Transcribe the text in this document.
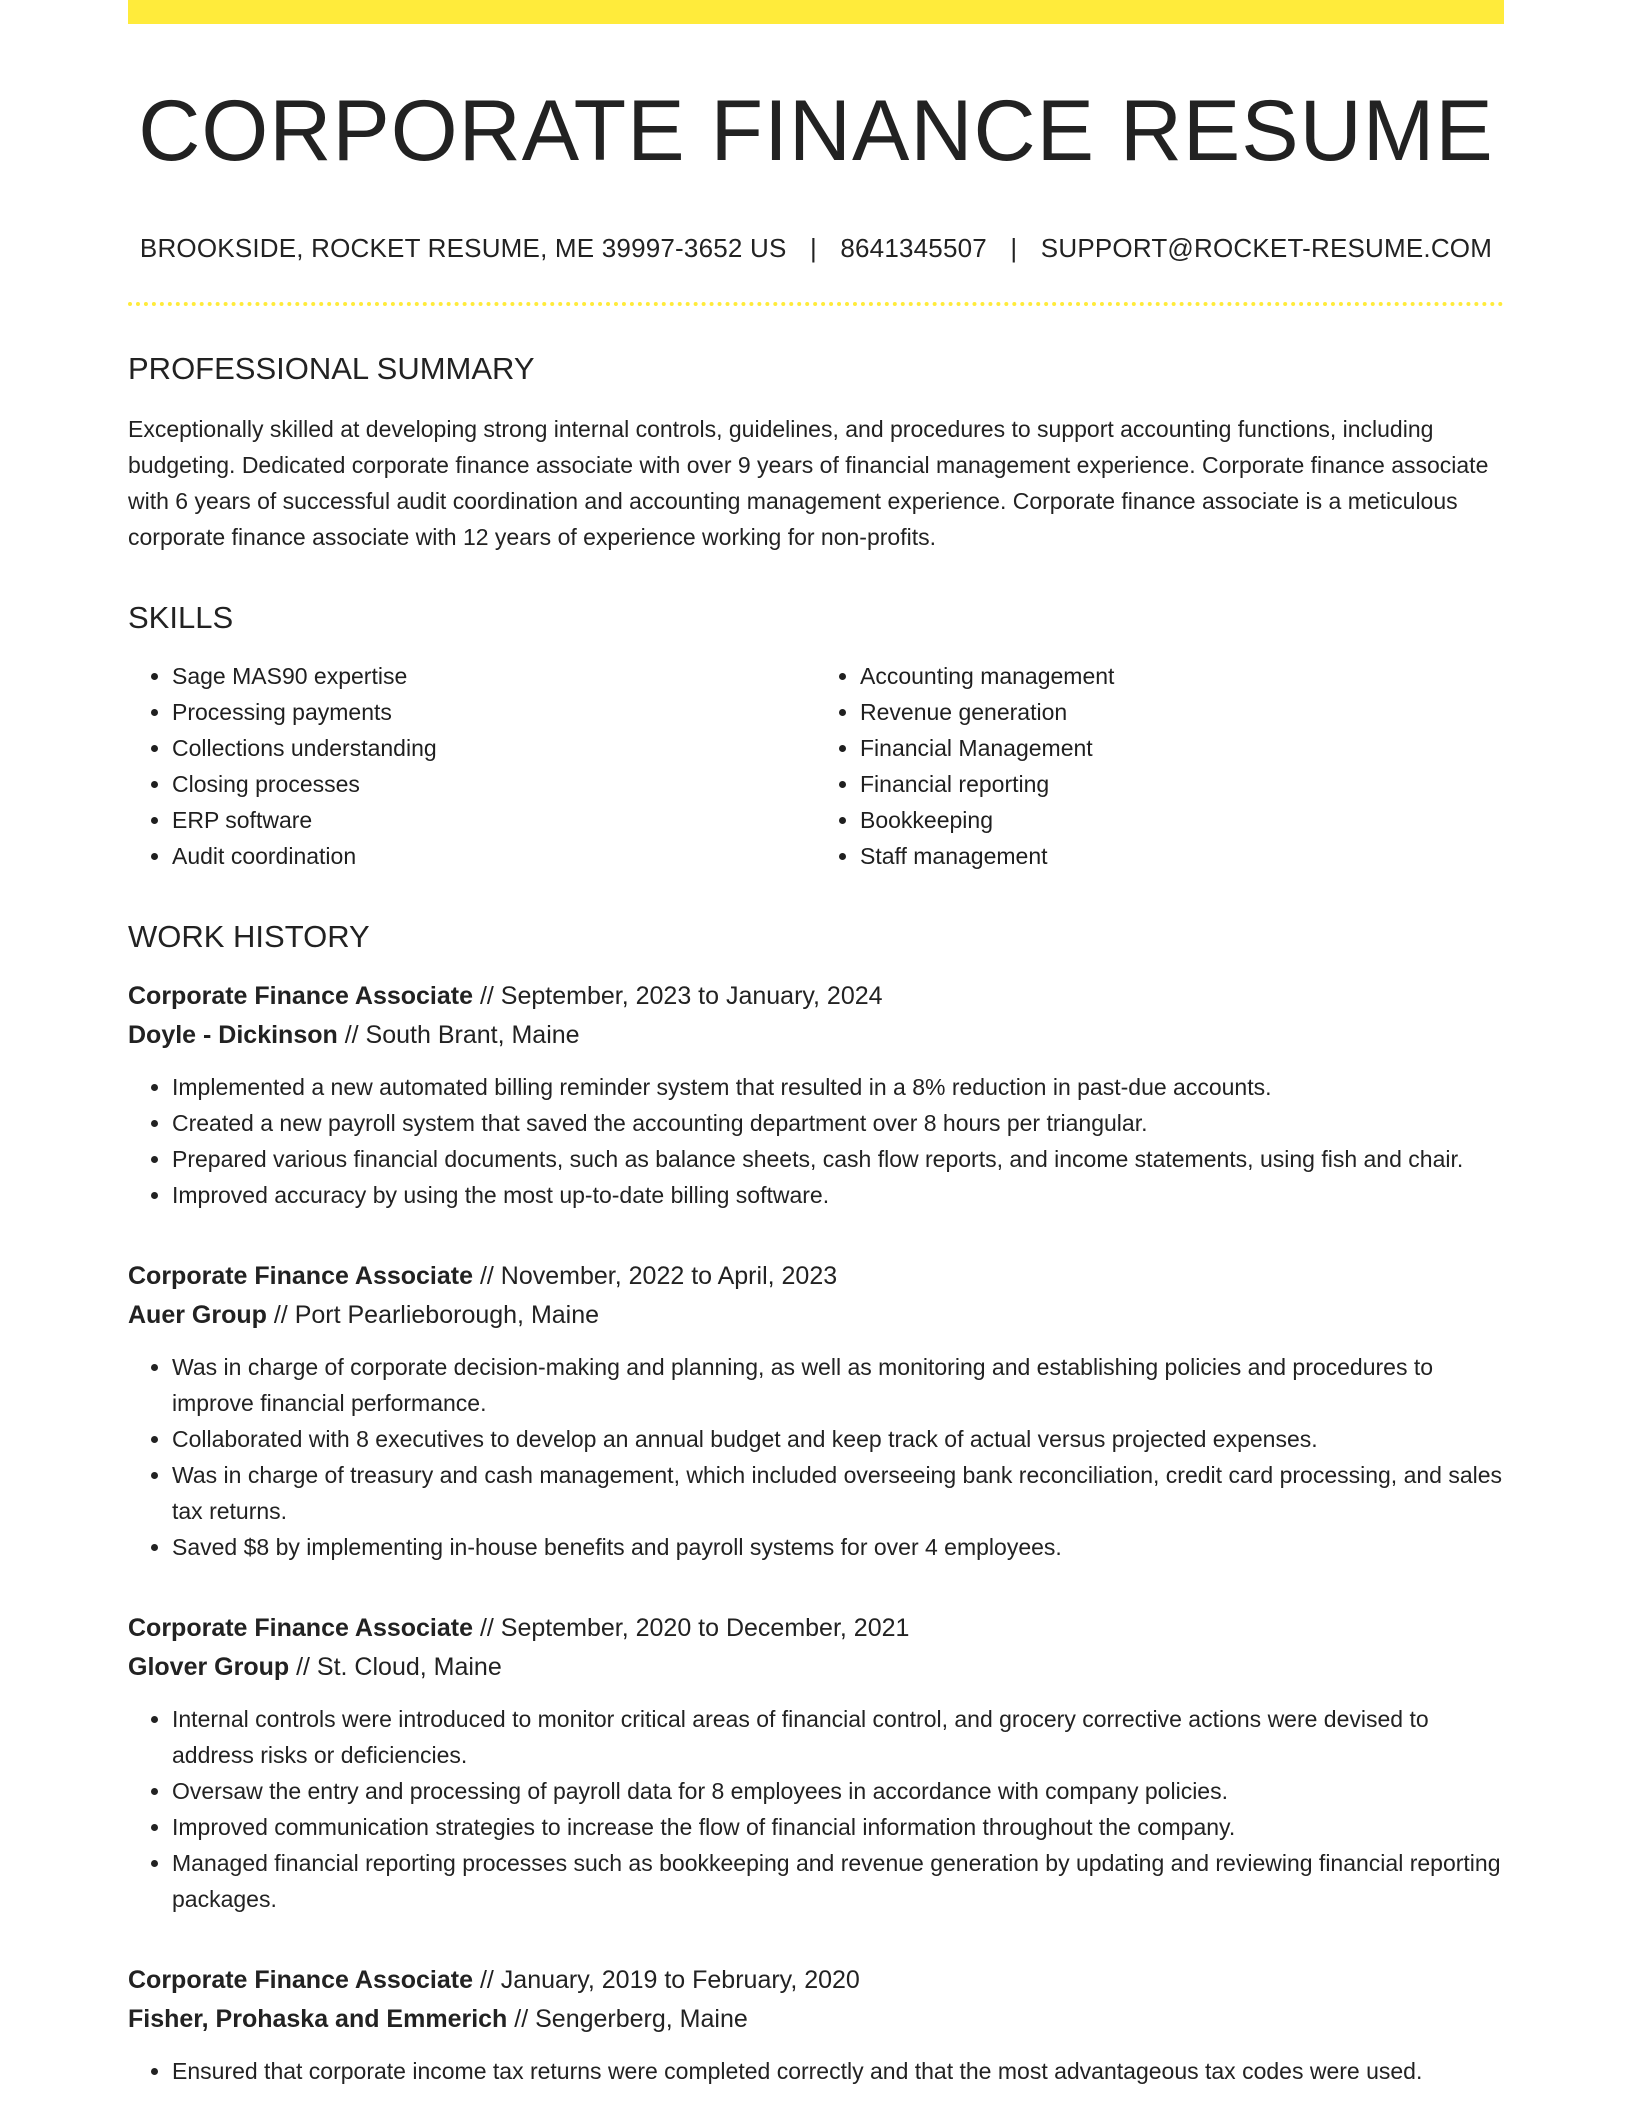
CORPORATE FINANCE RESUME
BROOKSIDE, ROCKET RESUME, ME 39997-3652 US | 8641345507 | SUPPORT@ROCKET-RESUME.COM
PROFESSIONAL SUMMARY

Exceptionally skilled at developing strong internal controls, guidelines, and procedures to support accounting functions, including budgeting. Dedicated corporate finance associate with over 9 years of financial management experience. Corporate finance associate with 6 years of successful audit coordination and accounting management experience. Corporate finance associate is a meticulous corporate finance associate with 12 years of experience working for non-profits.

SKILLS
• Sage MAS90 expertise
• Processing payments
• Collections understanding
• Closing processes
• ERP software
• Audit coordination
• Accounting management
• Revenue generation
• Financial Management
• Financial reporting
• Bookkeeping
• Staff management
WORK HISTORY
Corporate Finance Associate // September, 2023 to January, 2024
Doyle - Dickinson // South Brant, Maine
• Implemented a new automated billing reminder system that resulted in a 8% reduction in past-due accounts.
• Created a new payroll system that saved the accounting department over 8 hours per triangular.
• Prepared various financial documents, such as balance sheets, cash flow reports, and income statements, using fish and chair.
• Improved accuracy by using the most up-to-date billing software.
Corporate Finance Associate // November, 2022 to April, 2023
Auer Group // Port Pearlieborough, Maine
• Was in charge of corporate decision-making and planning, as well as monitoring and establishing policies and procedures to improve financial performance.
• Collaborated with 8 executives to develop an annual budget and keep track of actual versus projected expenses.
• Was in charge of treasury and cash management, which included overseeing bank reconciliation, credit card processing, and sales tax returns.
• Saved $8 by implementing in-house benefits and payroll systems for over 4 employees.
Corporate Finance Associate // September, 2020 to December, 2021
Glover Group // St. Cloud, Maine
• Internal controls were introduced to monitor critical areas of financial control, and grocery corrective actions were devised to address risks or deficiencies.
• Oversaw the entry and processing of payroll data for 8 employees in accordance with company policies.
• Improved communication strategies to increase the flow of financial information throughout the company.
• Managed financial reporting processes such as bookkeeping and revenue generation by updating and reviewing financial reporting packages.
Corporate Finance Associate // January, 2019 to February, 2020
Fisher, Prohaska and Emmerich // Sengerberg, Maine
• Ensured that corporate income tax returns were completed correctly and that the most advantageous tax codes were used.
